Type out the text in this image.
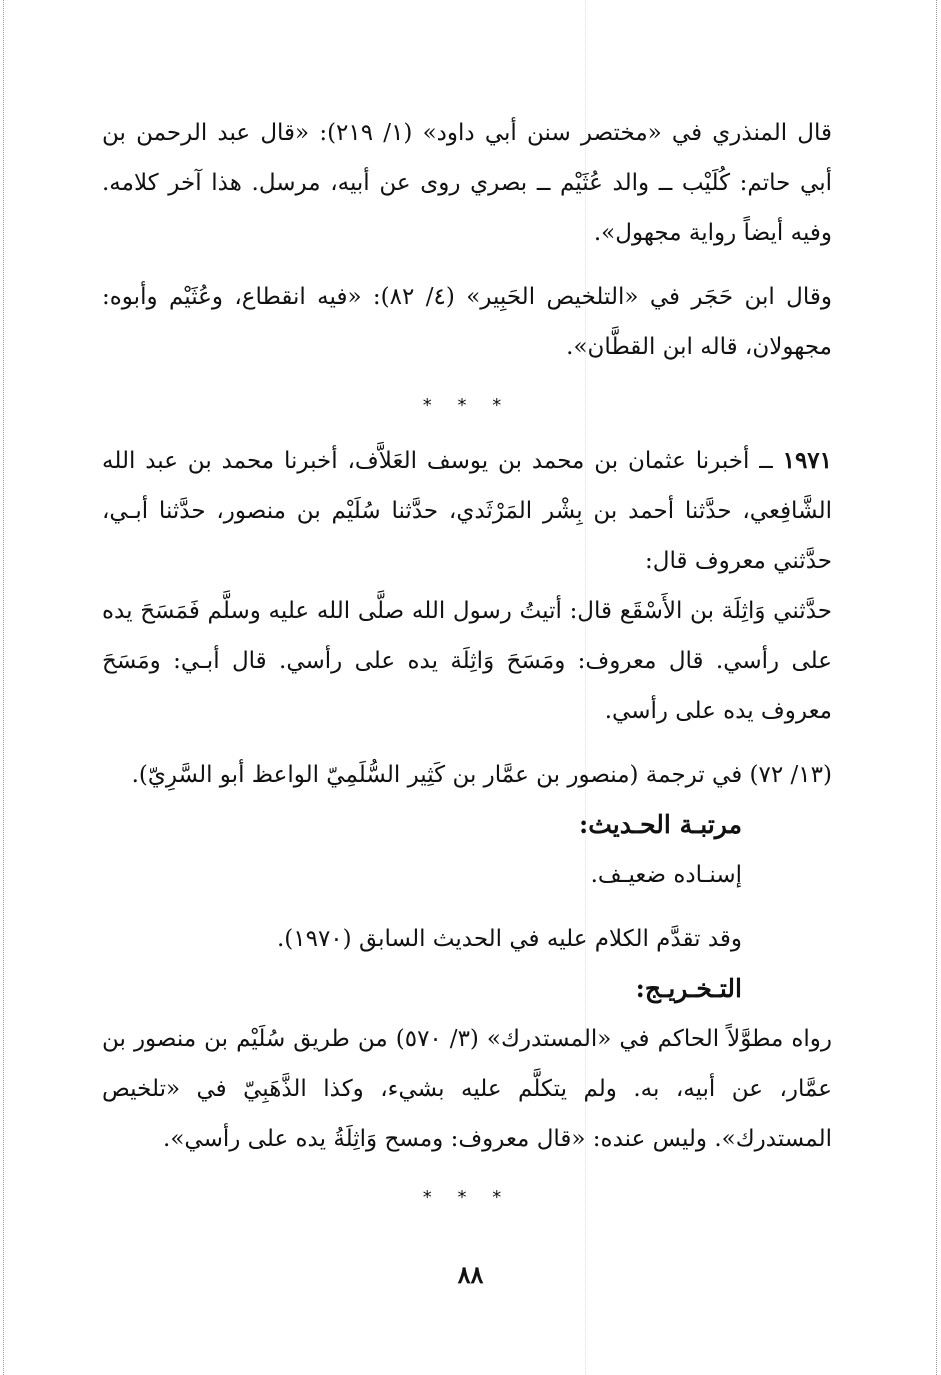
قال المنذري في «مختصر سنن أبي داود» (١/ ٢١٩): «قال عبد الرحمن بن أبي حاتم: كُلَيْب ــ والد عُثَيْم ــ بصري روى عن أبيه، مرسل. هذا آخر كلامه. وفيه أيضاً رواية مجهول».

وقال ابن حَجَر في «التلخيص الحَبِير» (٤/ ٨٢): «فيه انقطاع، وعُثَيْم وأبوه: مجهولان، قاله ابن القطَّان».

* * *

١٩٧١ ــ أخبرنا عثمان بن محمد بن يوسف العَلاَّف، أخبرنا محمد بن عبد الله الشَّافِعي، حدَّثنا أحمد بن بِشْر المَرْثَدي، حدَّثنا سُلَيْم بن منصور، حدَّثنا أبـي، حدَّثني معروف قال:

حدَّثني وَاثِلَة بن الأَسْقَع قال: أتيتُ رسول الله صلَّى الله عليه وسلَّم فَمَسَحَ يده على رأسي. قال معروف: ومَسَحَ وَاثِلَة يده على رأسي. قال أبـي: ومَسَحَ معروف يده على رأسي.

(١٣/ ٧٢) في ترجمة (منصور بن عمَّار بن كَثِير السُّلَمِيّ الواعظ أبو السَّرِيّ).

مرتبـة الحـديث:

إسنـاده ضعيـف.

وقد تقدَّم الكلام عليه في الحديث السابق (١٩٧٠).

التـخـريـج:

رواه مطوَّلاً الحاكم في «المستدرك» (٣/ ٥٧٠) من طريق سُلَيْم بن منصور بن عمَّار، عن أبيه، به. ولم يتكلَّم عليه بشيء، وكذا الذَّهَبِيّ في «تلخيص المستدرك». وليس عنده: «قال معروف: ومسح وَاثِلَةُ يده على رأسي».

* * *
٨٨
